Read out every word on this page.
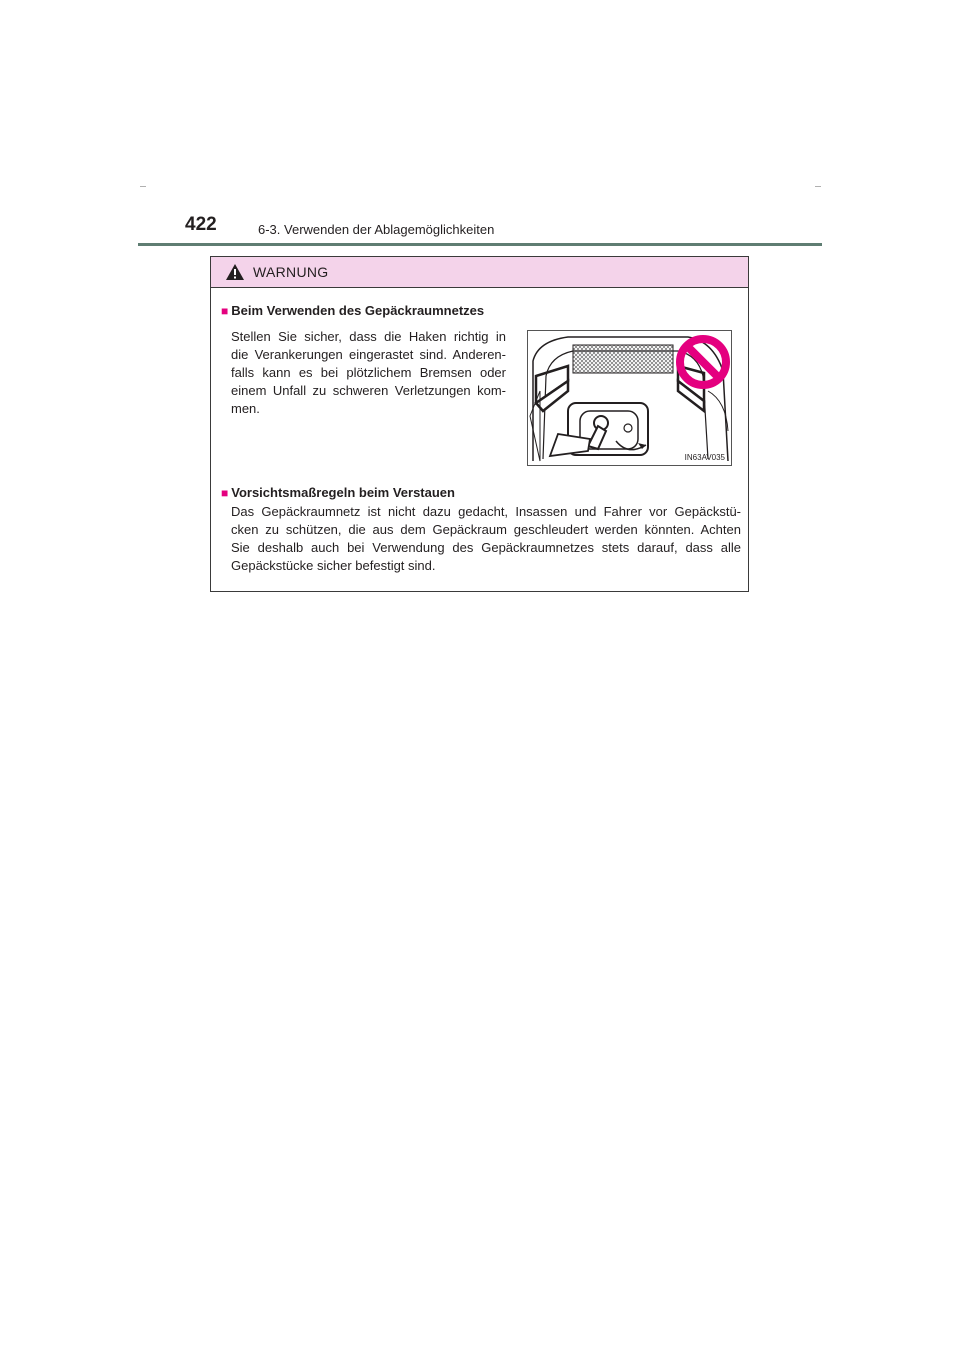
422	6-3. Verwenden der Ablagemöglichkeiten
WARNUNG
■ Beim Verwenden des Gepäckraumnetzes
Stellen Sie sicher, dass die Haken richtig in
die Verankerungen eingerastet sind. Anderen-
falls kann es bei plötzlichem Bremsen oder
einem Unfall zu schweren Verletzungen kom-
men.
IN63AV035
■ Vorsichtsmaßregeln beim Verstauen
Das Gepäckraumnetz ist nicht dazu gedacht, Insassen und Fahrer vor Gepäckstü-
cken zu schützen, die aus dem Gepäckraum geschleudert werden könnten. Achten
Sie deshalb auch bei Verwendung des Gepäckraumnetzes stets darauf, dass alle
Gepäckstücke sicher befestigt sind.
